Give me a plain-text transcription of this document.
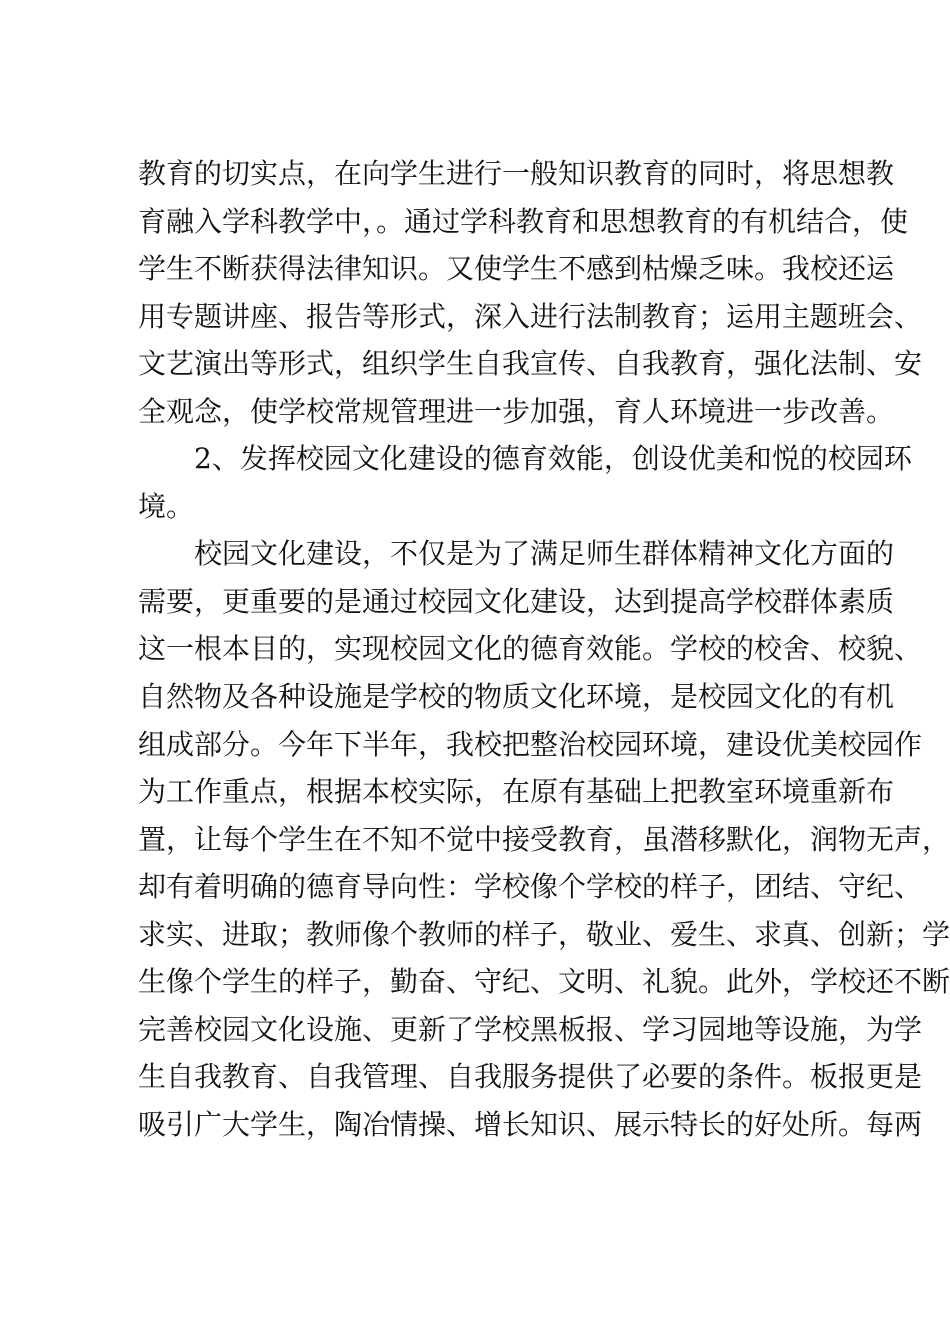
教育的切实点，在向学生进行一般知识教育的同时，将思想教
育融入学科教学中，。通过学科教育和思想教育的有机结合，使
学生不断获得法律知识。又使学生不感到枯燥乏味。我校还运
用专题讲座、报告等形式，深入进行法制教育；运用主题班会、
文艺演出等形式，组织学生自我宣传、自我教育，强化法制、安
全观念，使学校常规管理进一步加强，育人环境进一步改善。
　　2、发挥校园文化建设的德育效能，创设优美和悦的校园环
境。
　　校园文化建设，不仅是为了满足师生群体精神文化方面的
需要，更重要的是通过校园文化建设，达到提高学校群体素质
这一根本目的，实现校园文化的德育效能。学校的校舍、校貌、
自然物及各种设施是学校的物质文化环境，是校园文化的有机
组成部分。今年下半年，我校把整治校园环境，建设优美校园作
为工作重点，根据本校实际，在原有基础上把教室环境重新布
置，让每个学生在不知不觉中接受教育，虽潜移默化，润物无声，
却有着明确的德育导向性：学校像个学校的样子，团结、守纪、
求实、进取；教师像个教师的样子，敬业、爱生、求真、创新；学
生像个学生的样子，勤奋、守纪、文明、礼貌。此外，学校还不断
完善校园文化设施、更新了学校黑板报、学习园地等设施，为学
生自我教育、自我管理、自我服务提供了必要的条件。板报更是
吸引广大学生，陶冶情操、增长知识、展示特长的好处所。每两
